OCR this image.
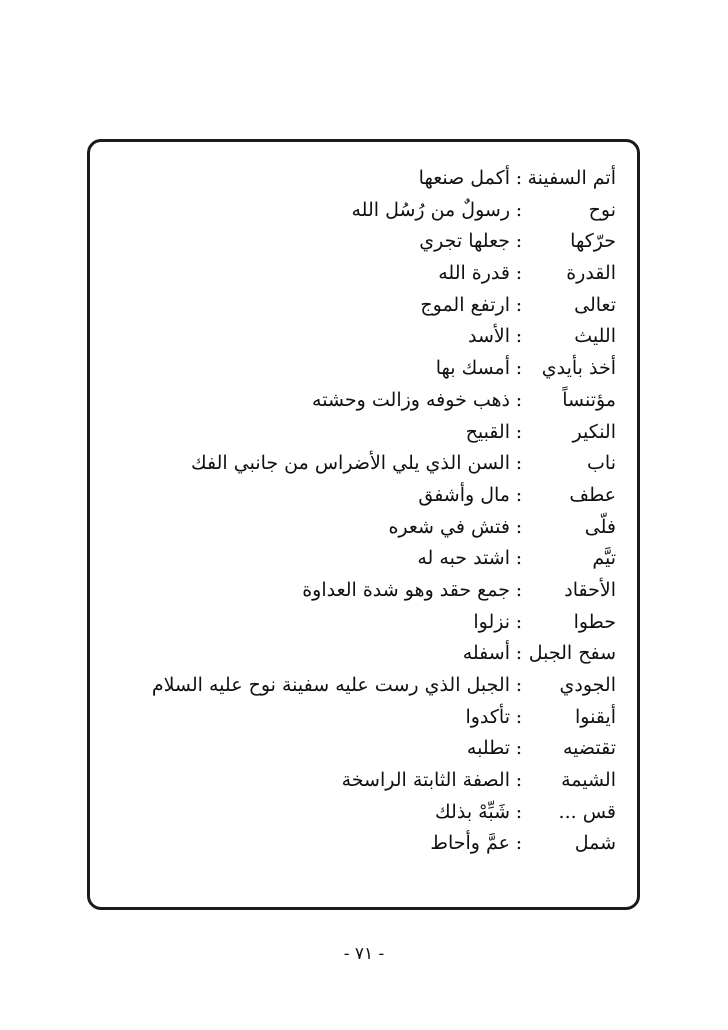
أتم السفينة
:
أكمل صنعها
نوح
:
رسولٌ من رُسُل الله
حرّكها
:
جعلها تجري
القدرة
:
قدرة الله
تعالى
:
ارتفع الموج
الليث
:
الأسد
أخذ بأيدي
:
أمسك بها
مؤتنساً
:
ذهب خوفه وزالت وحشته
النكير
:
القبيح
ناب
:
السن الذي يلي الأضراس من جانبي الفك
عطف
:
مال وأشفق
فلّى
:
فتش في شعره
تيَّم
:
اشتد حبه له
الأحقاد
:
جمع حقد وهو شدة العداوة
حطوا
:
نزلوا
سفح الجبل
:
أسفله
الجودي
:
الجبل الذي رست عليه سفينة نوح عليه السلام
أيقنوا
:
تأكدوا
تقتضيه
:
تطلبه
الشيمة
:
الصفة الثابتة الراسخة
قس ...
:
شَبِّهْ بذلك
شمل
:
عمَّ وأحاط
- ٧١ -
